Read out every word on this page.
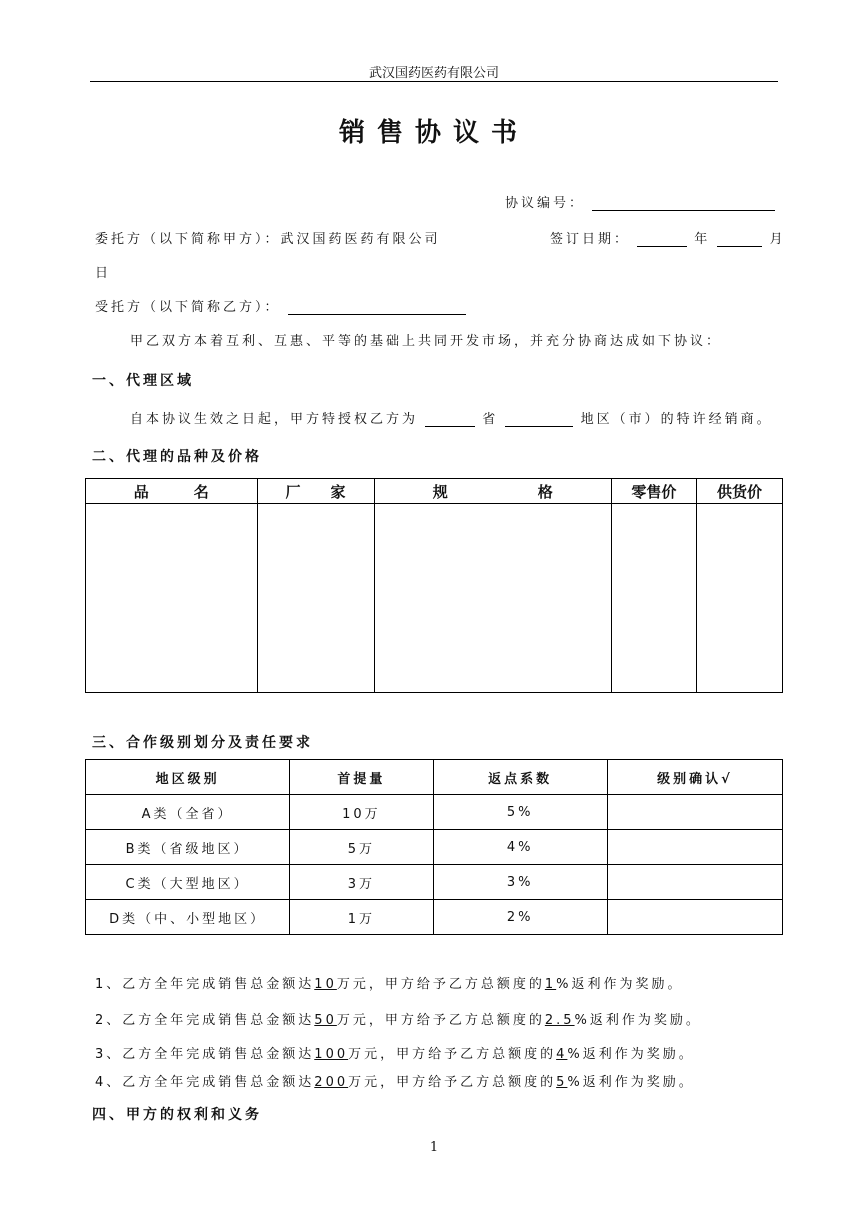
武汉国药医药有限公司
销售协议书
协议编号：
委托方（以下简称甲方）：武汉国药医药有限公司	签订日期：	年	月
日
受托方（以下简称乙方）：
甲乙双方本着互利、互惠、平等的基础上共同开发市场，并充分协商达成如下协议：
一、代理区域
自本协议生效之日起，甲方特授权乙方为	省	地区（市）的特许经销商。
二、代理的品种及价格
品　　　名	厂　　家	规　　　　　　格	零售价	供货价

三、合作级别划分及责任要求
地区级别	首提量	返点系数	级别确认√
A类（全省）	10万	5%	
B类（省级地区）	5万	4%	
C类（大型地区）	3万	3%	
D类（中、小型地区）	1万	2%	
1、乙方全年完成销售总金额达10万元，甲方给予乙方总额度的1%返利作为奖励。
2、乙方全年完成销售总金额达50万元，甲方给予乙方总额度的2.5%返利作为奖励。
3、乙方全年完成销售总金额达100万元，甲方给予乙方总额度的4%返利作为奖励。
4、乙方全年完成销售总金额达200万元，甲方给予乙方总额度的5%返利作为奖励。
四、甲方的权利和义务
1
